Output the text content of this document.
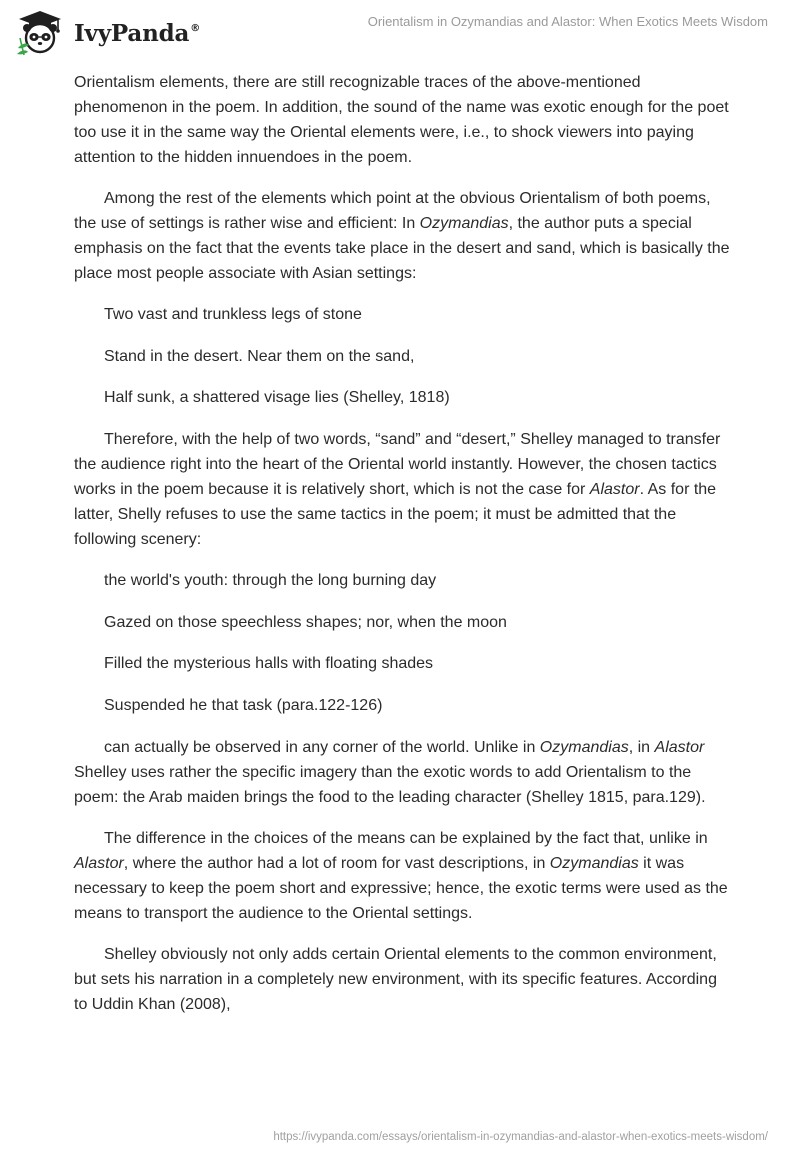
IvyPanda®	Orientalism in Ozymandias and Alastor: When Exotics Meets Wisdom

Orientalism elements, there are still recognizable traces of the above-mentioned phenomenon in the poem. In addition, the sound of the name was exotic enough for the poet too use it in the same way the Oriental elements were, i.e., to shock viewers into paying attention to the hidden innuendoes in the poem.

Among the rest of the elements which point at the obvious Orientalism of both poems, the use of settings is rather wise and efficient: In Ozymandias, the author puts a special emphasis on the fact that the events take place in the desert and sand, which is basically the place most people associate with Asian settings:

Two vast and trunkless legs of stone

Stand in the desert. Near them on the sand,

Half sunk, a shattered visage lies (Shelley, 1818)

Therefore, with the help of two words, “sand” and “desert,” Shelley managed to transfer the audience right into the heart of the Oriental world instantly. However, the chosen tactics works in the poem because it is relatively short, which is not the case for Alastor. As for the latter, Shelly refuses to use the same tactics in the poem; it must be admitted that the following scenery:

the world's youth: through the long burning day

Gazed on those speechless shapes; nor, when the moon

Filled the mysterious halls with floating shades

Suspended he that task (para.122-126)

can actually be observed in any corner of the world. Unlike in Ozymandias, in Alastor Shelley uses rather the specific imagery than the exotic words to add Orientalism to the poem: the Arab maiden brings the food to the leading character (Shelley 1815, para.129).

The difference in the choices of the means can be explained by the fact that, unlike in Alastor, where the author had a lot of room for vast descriptions, in Ozymandias it was necessary to keep the poem short and expressive; hence, the exotic terms were used as the means to transport the audience to the Oriental settings.

Shelley obviously not only adds certain Oriental elements to the common environment, but sets his narration in a completely new environment, with its specific features. According to Uddin Khan (2008),

https://ivypanda.com/essays/orientalism-in-ozymandias-and-alastor-when-exotics-meets-wisdom/
